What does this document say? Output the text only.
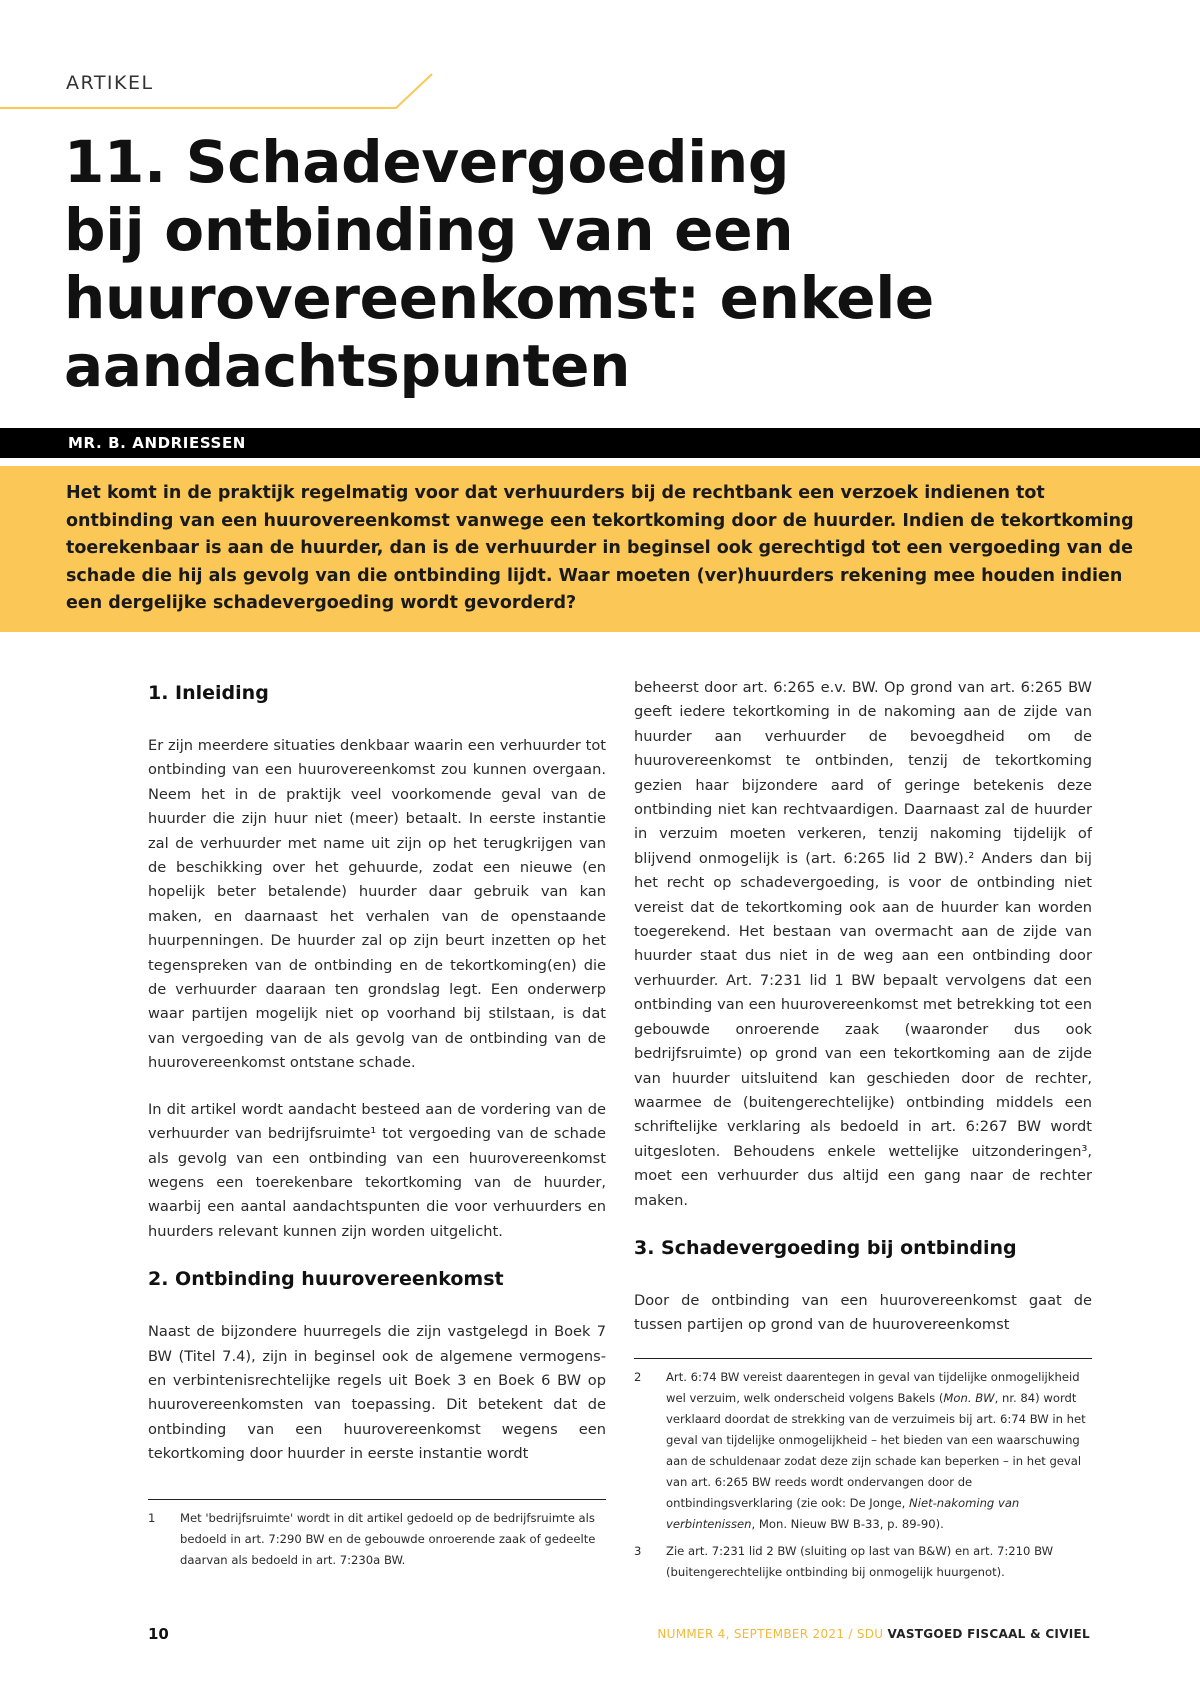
ARTIKEL
11. Schadevergoeding
bij ontbinding van een
huurovereenkomst: enkele
aandachtspunten
MR. B. ANDRIESSEN

Het komt in de praktijk regelmatig voor dat verhuurders bij de rechtbank een verzoek indienen tot ontbinding van een huurovereenkomst vanwege een tekortkoming door de huurder. Indien de tekortkoming toerekenbaar is aan de huurder, dan is de verhuurder in beginsel ook gerechtigd tot een vergoeding van de schade die hij als gevolg van die ontbinding lijdt. Waar moeten (ver)huurders rekening mee houden indien een dergelijke schadevergoeding wordt gevorderd?

1. Inleiding

Er zijn meerdere situaties denkbaar waarin een verhuurder tot ontbinding van een huurovereenkomst zou kunnen overgaan. Neem het in de praktijk veel voorkomende geval van de huurder die zijn huur niet (meer) betaalt. In eerste instantie zal de verhuurder met name uit zijn op het terugkrijgen van de beschikking over het gehuurde, zodat een nieuwe (en hopelijk beter betalende) huurder daar gebruik van kan maken, en daarnaast het verhalen van de openstaande huurpenningen. De huurder zal op zijn beurt inzetten op het tegenspreken van de ontbinding en de tekortkoming(en) die de verhuurder daaraan ten grondslag legt. Een onderwerp waar partijen mogelijk niet op voorhand bij stilstaan, is dat van vergoeding van de als gevolg van de ontbinding van de huurovereenkomst ontstane schade.

In dit artikel wordt aandacht besteed aan de vordering van de verhuurder van bedrijfsruimte¹ tot vergoeding van de schade als gevolg van een ontbinding van een huurovereenkomst wegens een toerekenbare tekortkoming van de huurder, waarbij een aantal aandachtspunten die voor verhuurders en huurders relevant kunnen zijn worden uitgelicht.

2. Ontbinding huurovereenkomst

Naast de bijzondere huurregels die zijn vastgelegd in Boek 7 BW (Titel 7.4), zijn in beginsel ook de algemene vermogens- en verbintenisrechtelijke regels uit Boek 3 en Boek 6 BW op huurovereenkomsten van toepassing. Dit betekent dat de ontbinding van een huurovereenkomst wegens een tekortkoming door huurder in eerste instantie wordt

1	Met 'bedrijfsruimte' wordt in dit artikel gedoeld op de bedrijfsruimte als bedoeld in art. 7:290 BW en de gebouwde onroerende zaak of gedeelte daarvan als bedoeld in art. 7:230a BW.

beheerst door art. 6:265 e.v. BW. Op grond van art. 6:265 BW geeft iedere tekortkoming in de nakoming aan de zijde van huurder aan verhuurder de bevoegdheid om de huurovereenkomst te ontbinden, tenzij de tekortkoming gezien haar bijzondere aard of geringe betekenis deze ontbinding niet kan rechtvaardigen. Daarnaast zal de huurder in verzuim moeten verkeren, tenzij nakoming tijdelijk of blijvend onmogelijk is (art. 6:265 lid 2 BW).² Anders dan bij het recht op schadevergoeding, is voor de ontbinding niet vereist dat de tekortkoming ook aan de huurder kan worden toegerekend. Het bestaan van overmacht aan de zijde van huurder staat dus niet in de weg aan een ontbinding door verhuurder. Art. 7:231 lid 1 BW bepaalt vervolgens dat een ontbinding van een huurovereenkomst met betrekking tot een gebouwde onroerende zaak (waaronder dus ook bedrijfsruimte) op grond van een tekortkoming aan de zijde van huurder uitsluitend kan geschieden door de rechter, waarmee de (buitengerechtelijke) ontbinding middels een schriftelijke verklaring als bedoeld in art. 6:267 BW wordt uitgesloten. Behoudens enkele wettelijke uitzonderingen³, moet een verhuurder dus altijd een gang naar de rechter maken.

3. Schadevergoeding bij ontbinding

Door de ontbinding van een huurovereenkomst gaat de tussen partijen op grond van de huurovereenkomst

2	Art. 6:74 BW vereist daarentegen in geval van tijdelijke onmogelijkheid wel verzuim, welk onderscheid volgens Bakels (Mon. BW, nr. 84) wordt verklaard doordat de strekking van de verzuimeis bij art. 6:74 BW in het geval van tijdelijke onmogelijkheid – het bieden van een waarschuwing aan de schuldenaar zodat deze zijn schade kan beperken – in het geval van art. 6:265 BW reeds wordt ondervangen door de ontbindingsverklaring (zie ook: De Jonge, Niet-nakoming van verbintenissen, Mon. Nieuw BW B-33, p. 89-90).
3	Zie art. 7:231 lid 2 BW (sluiting op last van B&W) en art. 7:210 BW (buitengerechtelijke ontbinding bij onmogelijk huurgenot).
10	NUMMER 4, SEPTEMBER 2021 / SDU VASTGOED FISCAAL & CIVIEL
